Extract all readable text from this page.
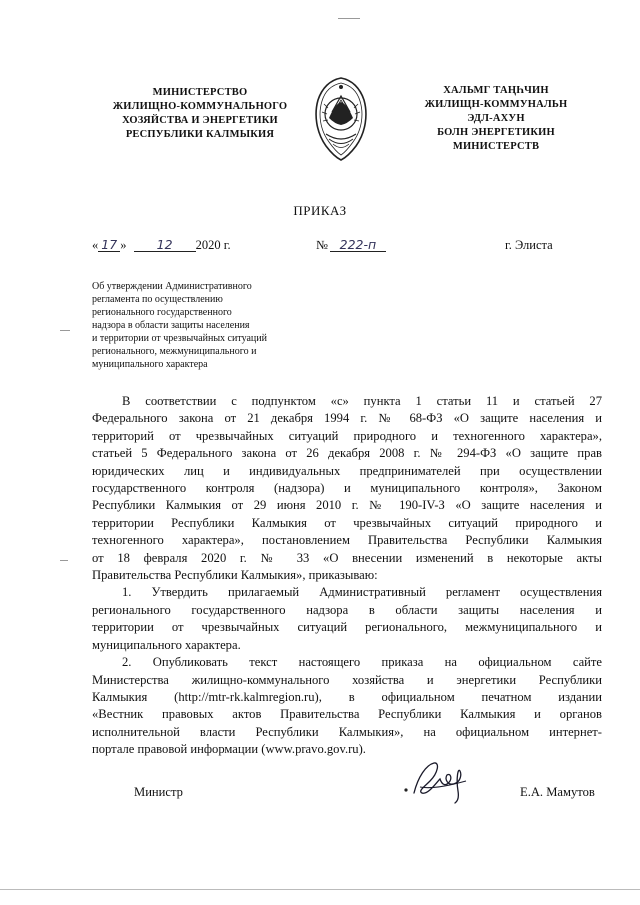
МИНИСТЕРСТВО
ЖИЛИЩНО-КОММУНАЛЬНОГО
ХОЗЯЙСТВА И ЭНЕРГЕТИКИ
РЕСПУБЛИКИ КАЛМЫКИЯ
ХАЛЬМГ ТАҢҺЧИН
ЖИЛИЩН-КОММУНАЛЬН
ЭДЛ-АХУН
БОЛН ЭНЕРГЕТИКИН
МИНИСТЕРСТВ
ПРИКАЗ
« 17 » 12 2020 г.	№ 222-п	г. Элиста
Об утверждении Административного
регламента по осуществлению
регионального государственного
надзора в области защиты населения
и территории от чрезвычайных ситуаций
регионального, межмуниципального и
муниципального характера
В соответствии с подпунктом «с» пункта 1 статьи 11 и статьей 27
Федерального закона от 21 декабря 1994 г. № 68-ФЗ «О защите населения и
территорий от чрезвычайных ситуаций природного и техногенного характера»,
статьей 5 Федерального закона от 26 декабря 2008 г. № 294-ФЗ «О защите прав
юридических лиц и индивидуальных предпринимателей при осуществлении
государственного контроля (надзора) и муниципального контроля», Законом
Республики Калмыкия от 29 июня 2010 г. № 190-IV-З «О защите населения и
территории Республики Калмыкия от чрезвычайных ситуаций природного и
техногенного характера», постановлением Правительства Республики Калмыкия
от 18 февраля 2020 г. № 33 «О внесении изменений в некоторые акты
Правительства Республики Калмыкия», приказываю:
1. Утвердить прилагаемый Административный регламент осуществления
регионального государственного надзора в области защиты населения и
территории от чрезвычайных ситуаций регионального, межмуниципального и
муниципального характера.
2. Опубликовать текст настоящего приказа на официальном сайте
Министерства жилищно-коммунального хозяйства и энергетики Республики
Калмыкия (http://mtr-rk.kalmregion.ru), в официальном печатном издании
«Вестник правовых актов Правительства Республики Калмыкия и органов
исполнительной власти Республики Калмыкия», на официальном интернет-
портале правовой информации (www.pravo.gov.ru).
Министр	Е.А. Мамутов
